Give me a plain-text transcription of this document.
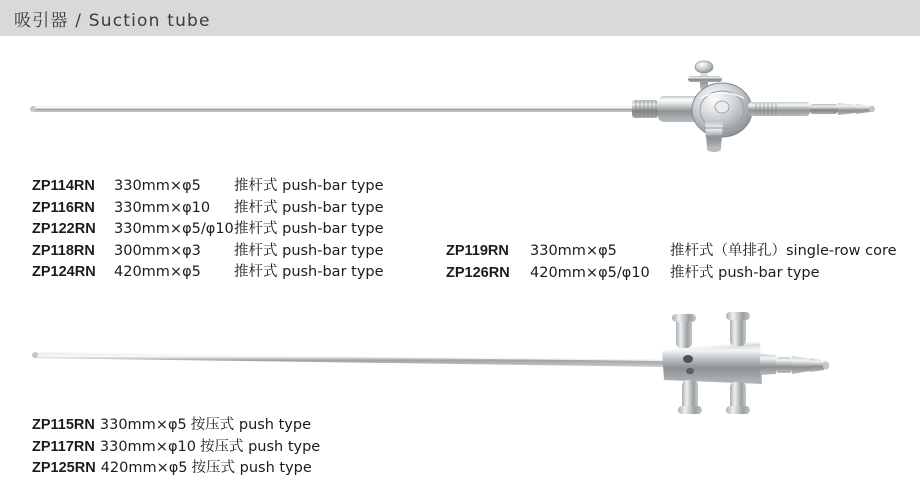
吸引器 / Suction tube
ZP114RN 330mm×φ5 推杆式 push-bar type
ZP116RN 330mm×φ10 推杆式 push-bar type
ZP122RN 330mm×φ5/φ10推杆式 push-bar type
ZP118RN 300mm×φ3 推杆式 push-bar type
ZP124RN 420mm×φ5 推杆式 push-bar type
ZP119RN 330mm×φ5	推杆式（单排孔）single-row core
ZP126RN 420mm×φ5/φ10 推杆式 push-bar type
ZP115RN 330mm×φ5 按压式 push type
ZP117RN 330mm×φ10 按压式 push type
ZP125RN 420mm×φ5 按压式 push type
